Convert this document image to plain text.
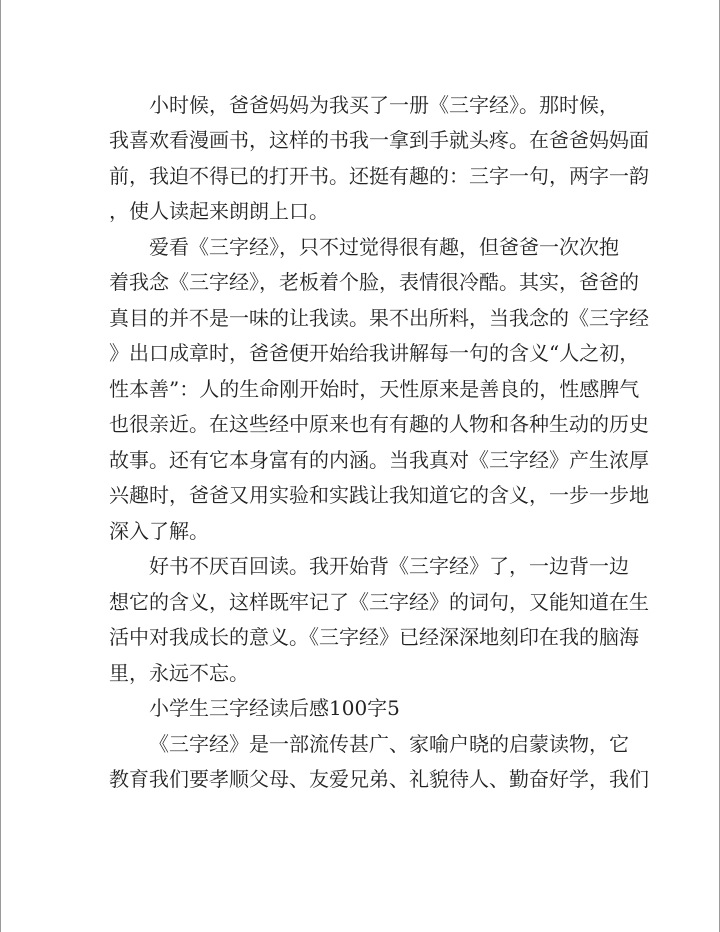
小时候，爸爸妈妈为我买了一册《三字经》。那时候，
我喜欢看漫画书，这样的书我一拿到手就头疼。在爸爸妈妈面
前，我迫不得已的打开书。还挺有趣的：三字一句，两字一韵
，使人读起来朗朗上口。
爱看《三字经》，只不过觉得很有趣，但爸爸一次次抱
着我念《三字经》，老板着个脸，表情很冷酷。其实，爸爸的
真目的并不是一味的让我读。果不出所料，当我念的《三字经
》出口成章时，爸爸便开始给我讲解每一句的含义“人之初，
性本善”：人的生命刚开始时，天性原来是善良的，性感脾气
也很亲近。在这些经中原来也有有趣的人物和各种生动的历史
故事。还有它本身富有的内涵。当我真对《三字经》产生浓厚
兴趣时，爸爸又用实验和实践让我知道它的含义，一步一步地
深入了解。
好书不厌百回读。我开始背《三字经》了，一边背一边
想它的含义，这样既牢记了《三字经》的词句，又能知道在生
活中对我成长的意义。《三字经》已经深深地刻印在我的脑海
里，永远不忘。
小学生三字经读后感100字5
《三字经》是一部流传甚广、家喻户晓的启蒙读物，它
教育我们要孝顺父母、友爱兄弟、礼貌待人、勤奋好学，我们
